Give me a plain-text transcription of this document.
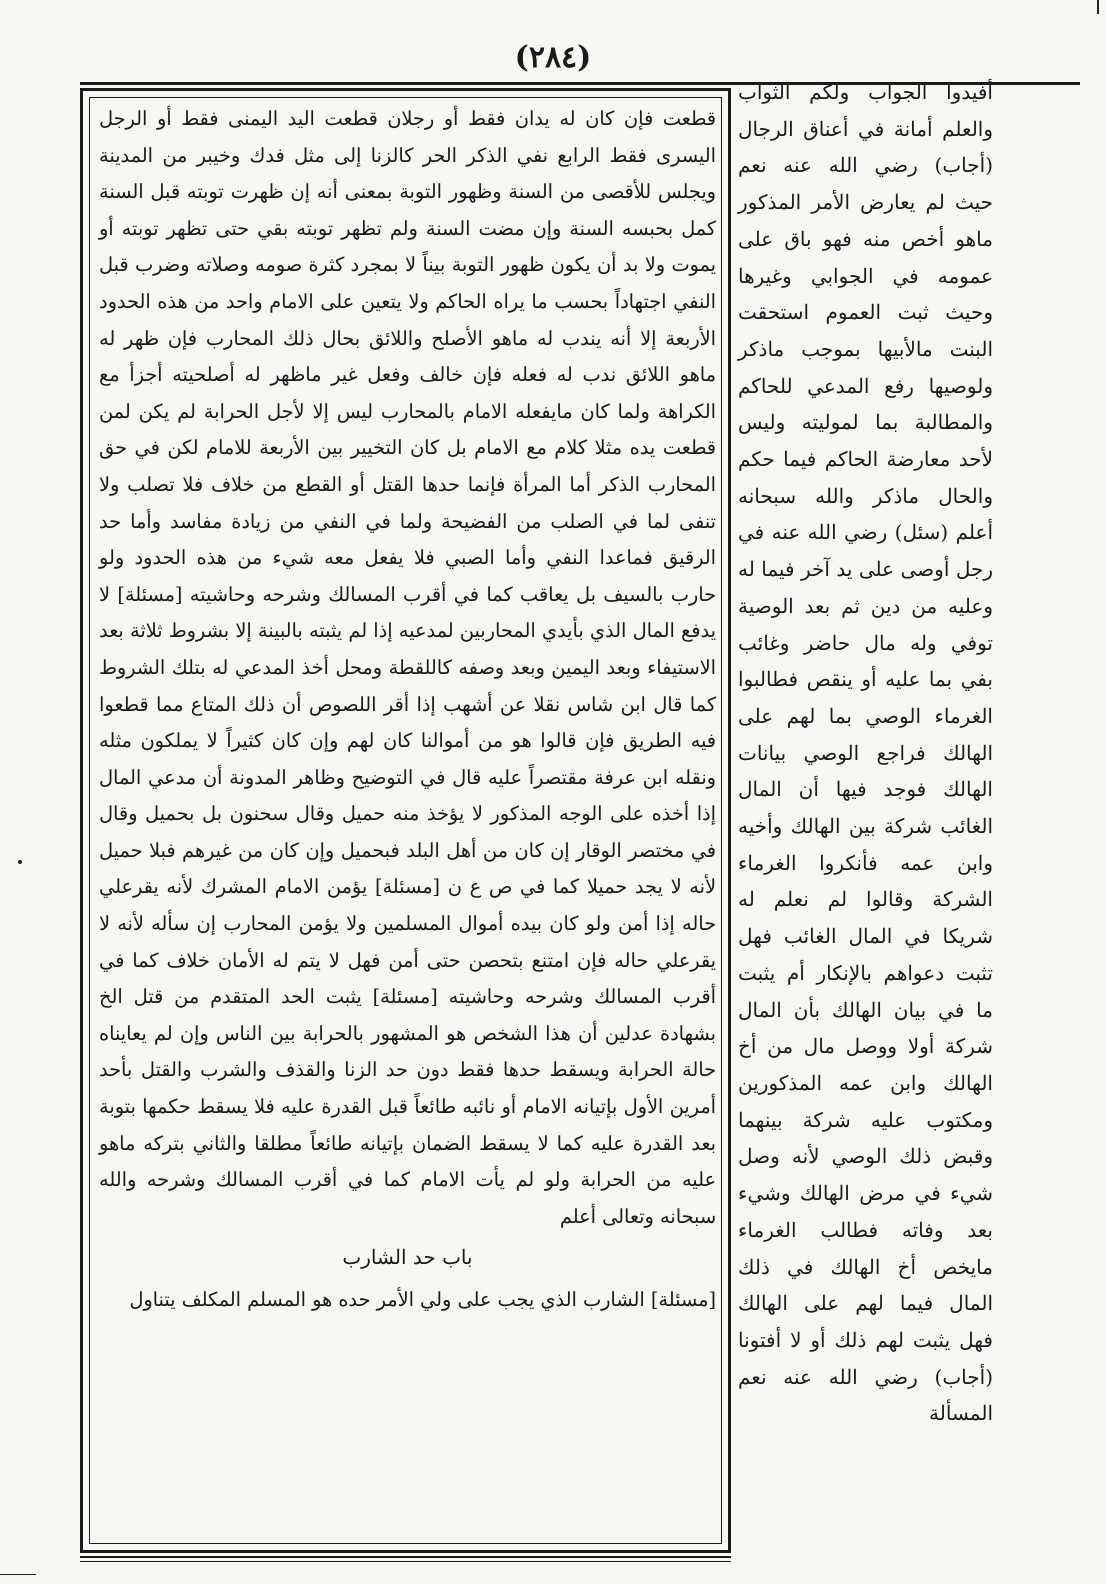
(٢٨٤)

قطعت فإن كان له يدان فقط أو رجلان قطعت اليد اليمنى فقط أو الرجل اليسرى فقط الرابع نفي الذكر الحر كالزنا إلى مثل فدك وخيبر من المدينة ويجلس للأقصى من السنة وظهور التوبة بمعنى أنه إن ظهرت توبته قبل السنة كمل بحبسه السنة وإن مضت السنة ولم تظهر توبته بقي حتى تظهر توبته أو يموت ولا بد أن يكون ظهور التوبة بيناً لا بمجرد كثرة صومه وصلاته وضرب قبل النفي اجتهاداً بحسب ما يراه الحاكم ولا يتعين على الامام واحد من هذه الحدود الأربعة إلا أنه يندب له ماهو الأصلح واللائق بحال ذلك المحارب فإن ظهر له ماهو اللائق ندب له فعله فإن خالف وفعل غير ماظهر له أصلحيته أجزأ مع الكراهة ولما كان مايفعله الامام بالمحارب ليس إلا لأجل الحرابة لم يكن لمن قطعت يده مثلا كلام مع الامام بل كان التخيير بين الأربعة للامام لكن في حق المحارب الذكر أما المرأة فإنما حدها القتل أو القطع من خلاف فلا تصلب ولا تنفى لما في الصلب من الفضيحة ولما في النفي من زيادة مفاسد وأما حد الرقيق فماعدا النفي وأما الصبي فلا يفعل معه شيء من هذه الحدود ولو حارب بالسيف بل يعاقب كما في أقرب المسالك وشرحه وحاشيته [مسئلة] لا يدفع المال الذي بأيدي المحاربين لمدعيه إذا لم يثبته بالبينة إلا بشروط ثلاثة بعد الاستيفاء وبعد اليمين وبعد وصفه كاللقطة ومحل أخذ المدعي له بتلك الشروط كما قال ابن شاس نقلا عن أشهب إذا أقر اللصوص أن ذلك المتاع مما قطعوا فيه الطريق فإن قالوا هو من أموالنا كان لهم وإن كان كثيراً لا يملكون مثله ونقله ابن عرفة مقتصراً عليه قال في التوضيح وظاهر المدونة أن مدعي المال إذا أخذه على الوجه المذكور لا يؤخذ منه حميل وقال سحنون بل بحميل وقال في مختصر الوقار إن كان من أهل البلد فبحميل وإن كان من غيرهم فبلا حميل لأنه لا يجد حميلا كما في ص ع ن [مسئلة] يؤمن الامام المشرك لأنه يقرعلي حاله إذا أمن ولو كان بيده أموال المسلمين ولا يؤمن المحارب إن سأله لأنه لا يقرعلي حاله فإن امتنع بتحصن حتى أمن فهل لا يتم له الأمان خلاف كما في أقرب المسالك وشرحه وحاشيته [مسئلة] يثبت الحد المتقدم من قتل الخ بشهادة عدلين أن هذا الشخص هو المشهور بالحرابة بين الناس وإن لم يعايناه حالة الحرابة ويسقط حدها فقط دون حد الزنا والقذف والشرب والقتل بأحد أمرين الأول بإتيانه الامام أو نائبه طائعاً قبل القدرة عليه فلا يسقط حكمها بتوبة بعد القدرة عليه كما لا يسقط الضمان بإتيانه طائعاً مطلقا والثاني بتركه ماهو عليه من الحرابة ولو لم يأت الامام كما في أقرب المسالك وشرحه والله سبحانه وتعالى أعلم

باب حد الشارب

[مسئلة] الشارب الذي يجب على ولي الأمر حده هو المسلم المكلف يتناول

أفيدوا الجواب ولكم الثواب والعلم أمانة في أعناق الرجال (أجاب) رضي الله عنه نعم حيث لم يعارض الأمر المذكور ماهو أخص منه فهو باق على عمومه في الجوابي وغيرها وحيث ثبت العموم استحقت البنت مالأبيها بموجب ماذكر ولوصيها رفع المدعي للحاكم والمطالبة بما لموليته وليس لأحد معارضة الحاكم فيما حكم والحال ماذكر والله سبحانه أعلم (سئل) رضي الله عنه في رجل أوصى على يد آخر فيما له وعليه من دين ثم بعد الوصية توفي وله مال حاضر وغائب بفي بما عليه أو ينقص فطالبوا الغرماء الوصي بما لهم على الهالك فراجع الوصي بيانات الهالك فوجد فيها أن المال الغائب شركة بين الهالك وأخيه وابن عمه فأنكروا الغرماء الشركة وقالوا لم نعلم له شريكا في المال الغائب فهل تثبت دعواهم بالإنكار أم يثبت ما في بيان الهالك بأن المال شركة أولا ووصل مال من أخ الهالك وابن عمه المذكورين ومكتوب عليه شركة بينهما وقبض ذلك الوصي لأنه وصل شيء في مرض الهالك وشيء بعد وفاته فطالب الغرماء مايخص أخ الهالك في ذلك المال فيما لهم على الهالك فهل يثبت لهم ذلك أو لا أفتونا (أجاب) رضي الله عنه نعم المسألة
